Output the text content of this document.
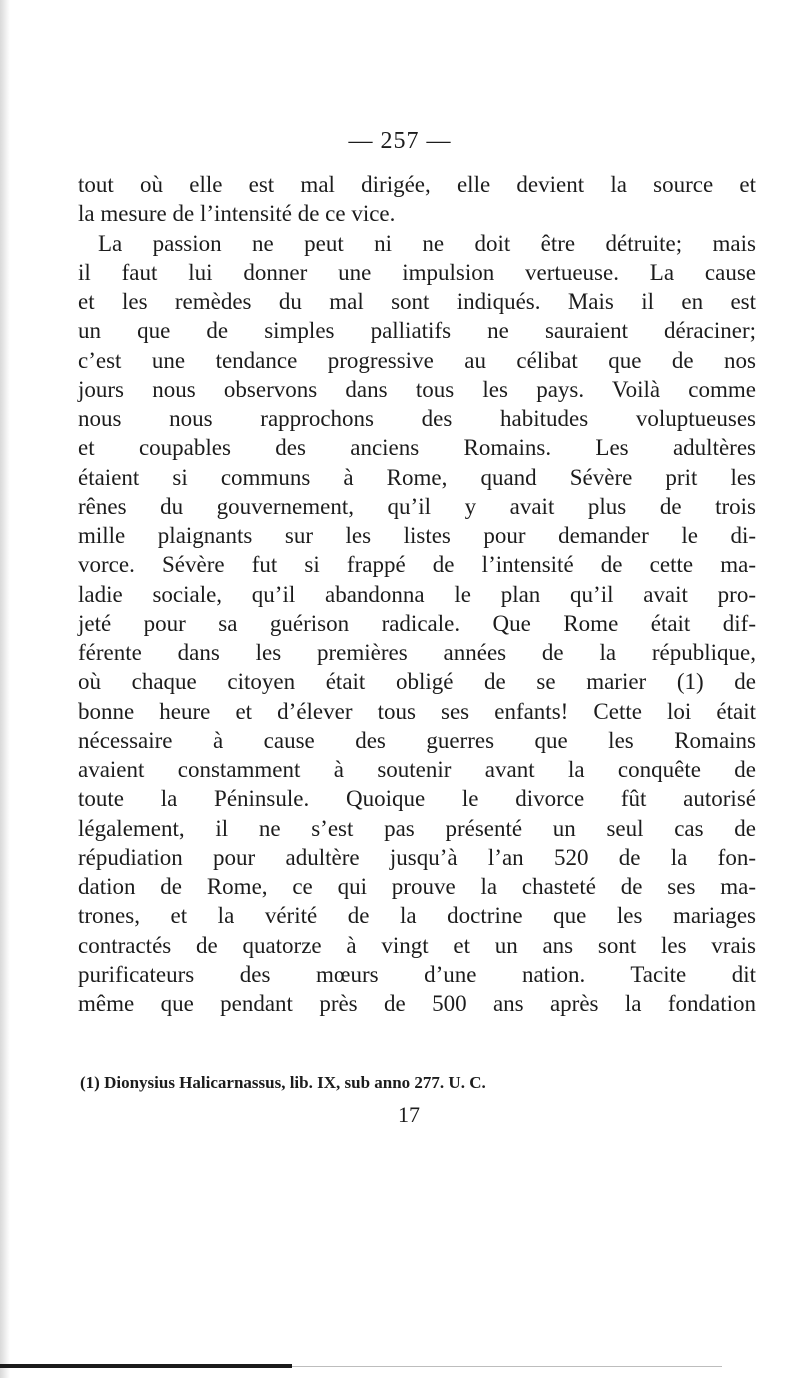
— 257 —
tout où elle est mal dirigée, elle devient la source et
la mesure de l’intensité de ce vice.
La passion ne peut ni ne doit être détruite; mais
il faut lui donner une impulsion vertueuse. La cause
et les remèdes du mal sont indiqués. Mais il en est
un que de simples palliatifs ne sauraient déraciner;
c’est une tendance progressive au célibat que de nos
jours nous observons dans tous les pays. Voilà comme
nous nous rapprochons des habitudes voluptueuses
et coupables des anciens Romains. Les adultères
étaient si communs à Rome, quand Sévère prit les
rênes du gouvernement, qu’il y avait plus de trois
mille plaignants sur les listes pour demander le di-
vorce. Sévère fut si frappé de l’intensité de cette ma-
ladie sociale, qu’il abandonna le plan qu’il avait pro-
jeté pour sa guérison radicale. Que Rome était dif-
férente dans les premières années de la république,
où chaque citoyen était obligé de se marier (1) de
bonne heure et d’élever tous ses enfants! Cette loi était
nécessaire à cause des guerres que les Romains
avaient constamment à soutenir avant la conquête de
toute la Péninsule. Quoique le divorce fût autorisé
légalement, il ne s’est pas présenté un seul cas de
répudiation pour adultère jusqu’à l’an 520 de la fon-
dation de Rome, ce qui prouve la chasteté de ses ma-
trones, et la vérité de la doctrine que les mariages
contractés de quatorze à vingt et un ans sont les vrais
purificateurs des mœurs d’une nation. Tacite dit
même que pendant près de 500 ans après la fondation
(1) Dionysius Halicarnassus, lib. IX, sub anno 277. U. C.
17
